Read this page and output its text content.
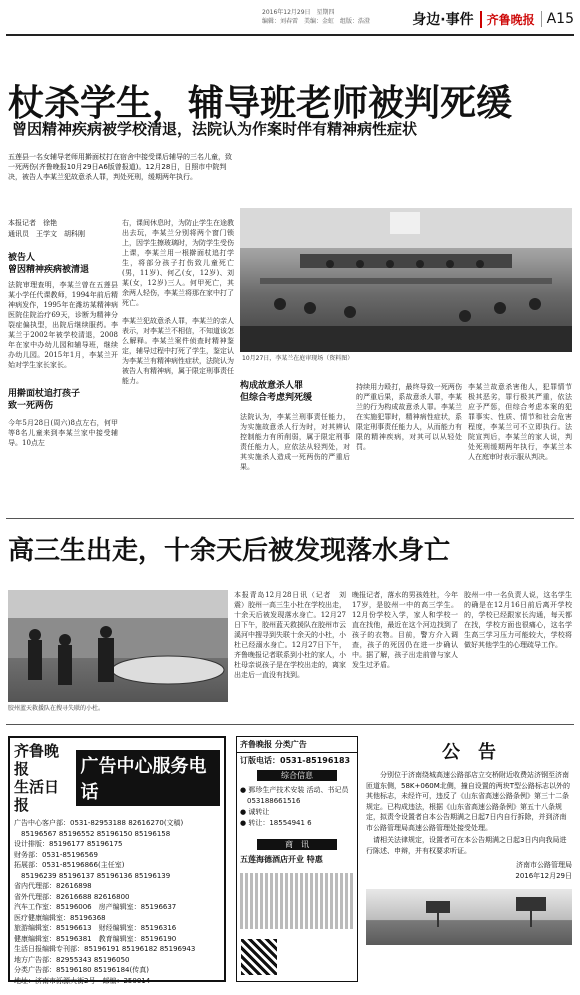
2016年12月29日　星期四
编辑：刘春雷　美编：金虹　组版：浩澄	身边·事件	齐鲁晚报 A15
杖杀学生，辅导班老师被判死缓
曾因精神疾病被学校清退，法院认为作案时伴有精神病性症状
五莲县一名女辅导老师用擀面杖打在宿舍中接受课后辅导的三名儿童，致一死两伤(齐鲁晚报10月29日A6版曾报道)。12月28日，日照市中院判决，被告人李某兰犯故意杀人罪，判处死刑，缓期两年执行。
本报记者　徐艳
通讯员　王学文　胡科刚
被告人
曾因精神疾病被清退
法院审理查明，李某兰曾在五莲县某小学任代课教师，1994年前后精神病发作，1995年在潍坊某精神病医院住院治疗69天，诊断为精神分裂症偏执型，出院后继续服药。李某兰于2002年被学校清退，2008年在家中办幼儿园和辅导班，继续办幼儿园。2015年1月，李某兰开始对学生家长家长。
用擀面杖追打孩子
致一死两伤
今年5月28日(周六)8点左右，何甲等8名儿童来到李某兰家中接受辅导。10点左
右，课间休息时，为防止学生在途教出去玩，李某兰分别将两个窗门锁上，因学生擦玻璃时，为防学生受伤上课，李某兰用一根擀面杖追打学生，将部分孩子打伤致儿童死亡(男，11岁)、何乙(女，12岁)、刘某(女，12岁)三人。何甲死亡，其余两人轻伤，李某兰将那在家中打了死亡。
李某兰犯故意杀人罪，李某兰的亲人表示，对李某兰不相信，不知道该怎么解释。李某兰案件侦查时精神鉴定，辅导过程中打死了学生，鉴定认为李某兰有精神病性症状，法院认为被告人有精神病，属于限定刑事责任能力。
10月27日，李某兰在庭审现场（资料图）
构成故意杀人罪
但综合考虑判死缓
法院认为，李某兰刑事责任能力，为实施故意杀人行为时，对其辨认控制能力有所削弱，属于限定刑事责任能力人，应依法从轻判处，对其实施杀人造成一死两伤的严重后果。
持续用力殴打，最终导致一死两伤的严重后果，系故意杀人罪，李某兰的行为构成故意杀人罪。李某兰在实施犯罪时，精神病性症状，系限定刑事责任能力人，从而能力有限的精神疾病，对其可以从轻处罚。
李某兰故意杀害他人，犯罪情节极其恶劣，罪行极其严重，依法应予严惩，但综合考虑本案的犯罪事实、性质、情节和社会危害程度，李某兰可不立即执行。法院宣判后，李某兰的家人说，判处死刑缓期两年执行，李某兰本人在庭审时表示服从判决。
高三生出走，十余天后被发现落水身亡
胶州蓝天救援队在搜寻失联的小杜。
本报青岛12月28日讯（记者　刘震）胶州一高三生小杜在学校出走，十余天后被发现落水身亡。12月27日下午，胶州蓝天救援队在胶州市云溪河中搜寻到失联十余天的小杜，小杜已经溺水身亡。12月27日下午，齐鲁晚报记者联系到小杜的家人，小杜母亲说孩子是在学校出走的，离家出走后一直没有找到。
晚报记者，落水的男孩姓杜，今年17岁，是胶州一中的高三学生。12月份学校入学，家人和学校一直在找他，最近在这个河边找到了孩子的衣物。目前，警方介入调查，孩子的死因仍在进一步确认中。据了解，孩子出走前曾与家人发生过矛盾。
胶州一中一名负责人说，这名学生的确是在12月16日前后离开学校的，学校已经跟家长沟通，每天都在找，学校方面也很痛心，这名学生高三学习压力可能较大，学校将做好其他学生的心理疏导工作。
齐鲁晚报
生活日报
广告中心服务电话
广告中心客户部：0531-82953188 82616270(文稿)
　85196567 85196552 85196150 85196158
设计排版：85196177 85196175
财务部：0531-85196569
拓展部：0531-85196866(主任室)
　85196239 85196137 85196136 85196139
省内代理部：82616898
省外代理部：82616688 82616800
汽车工作室：85196006　房产编辑室：85196637
医疗健康编辑室：85196368
旅游编辑室：85196613　财经编辑室：85196316
健康编辑室：85196381　教育编辑室：85196190
生活日报编辑专刊部：85196191 85196182 85196943
地方广告部：82955343 85196050
分类广告部：85196180 85196184(传真)
地址：济南市泺源大街2号　邮编：250014
齐鲁晚报 分类广告
订版电话：0531-85196183
综合信息
● 鄄珍生产技术安装 活动、书记员
　053188661516
● 诚转让
● 转让：18554941 6
商　讯
五莲海德酒店开业 特惠
公　告
分别位于济南绕城高速公路部店立交桥附近收费站济钢至济南匝道东侧，58K+060M北侧，撞自设置的两块T型公路标志以外的其他标志，未经许可，违反了《山东省高速公路条例》第三十二条规定。已构成违法，根据《山东省高速公路条例》第五十八条规定，拟责令设置者自本公告期满之日起7日内自行拆除，并到济南市公路管理局高速公路管理处接受处理。
　请相关法律规定，设置者可在本公告期满之日起3日内向我局进行陈述、申辩，并有权要求听证。
济南市公路管理局
2016年12月29日
